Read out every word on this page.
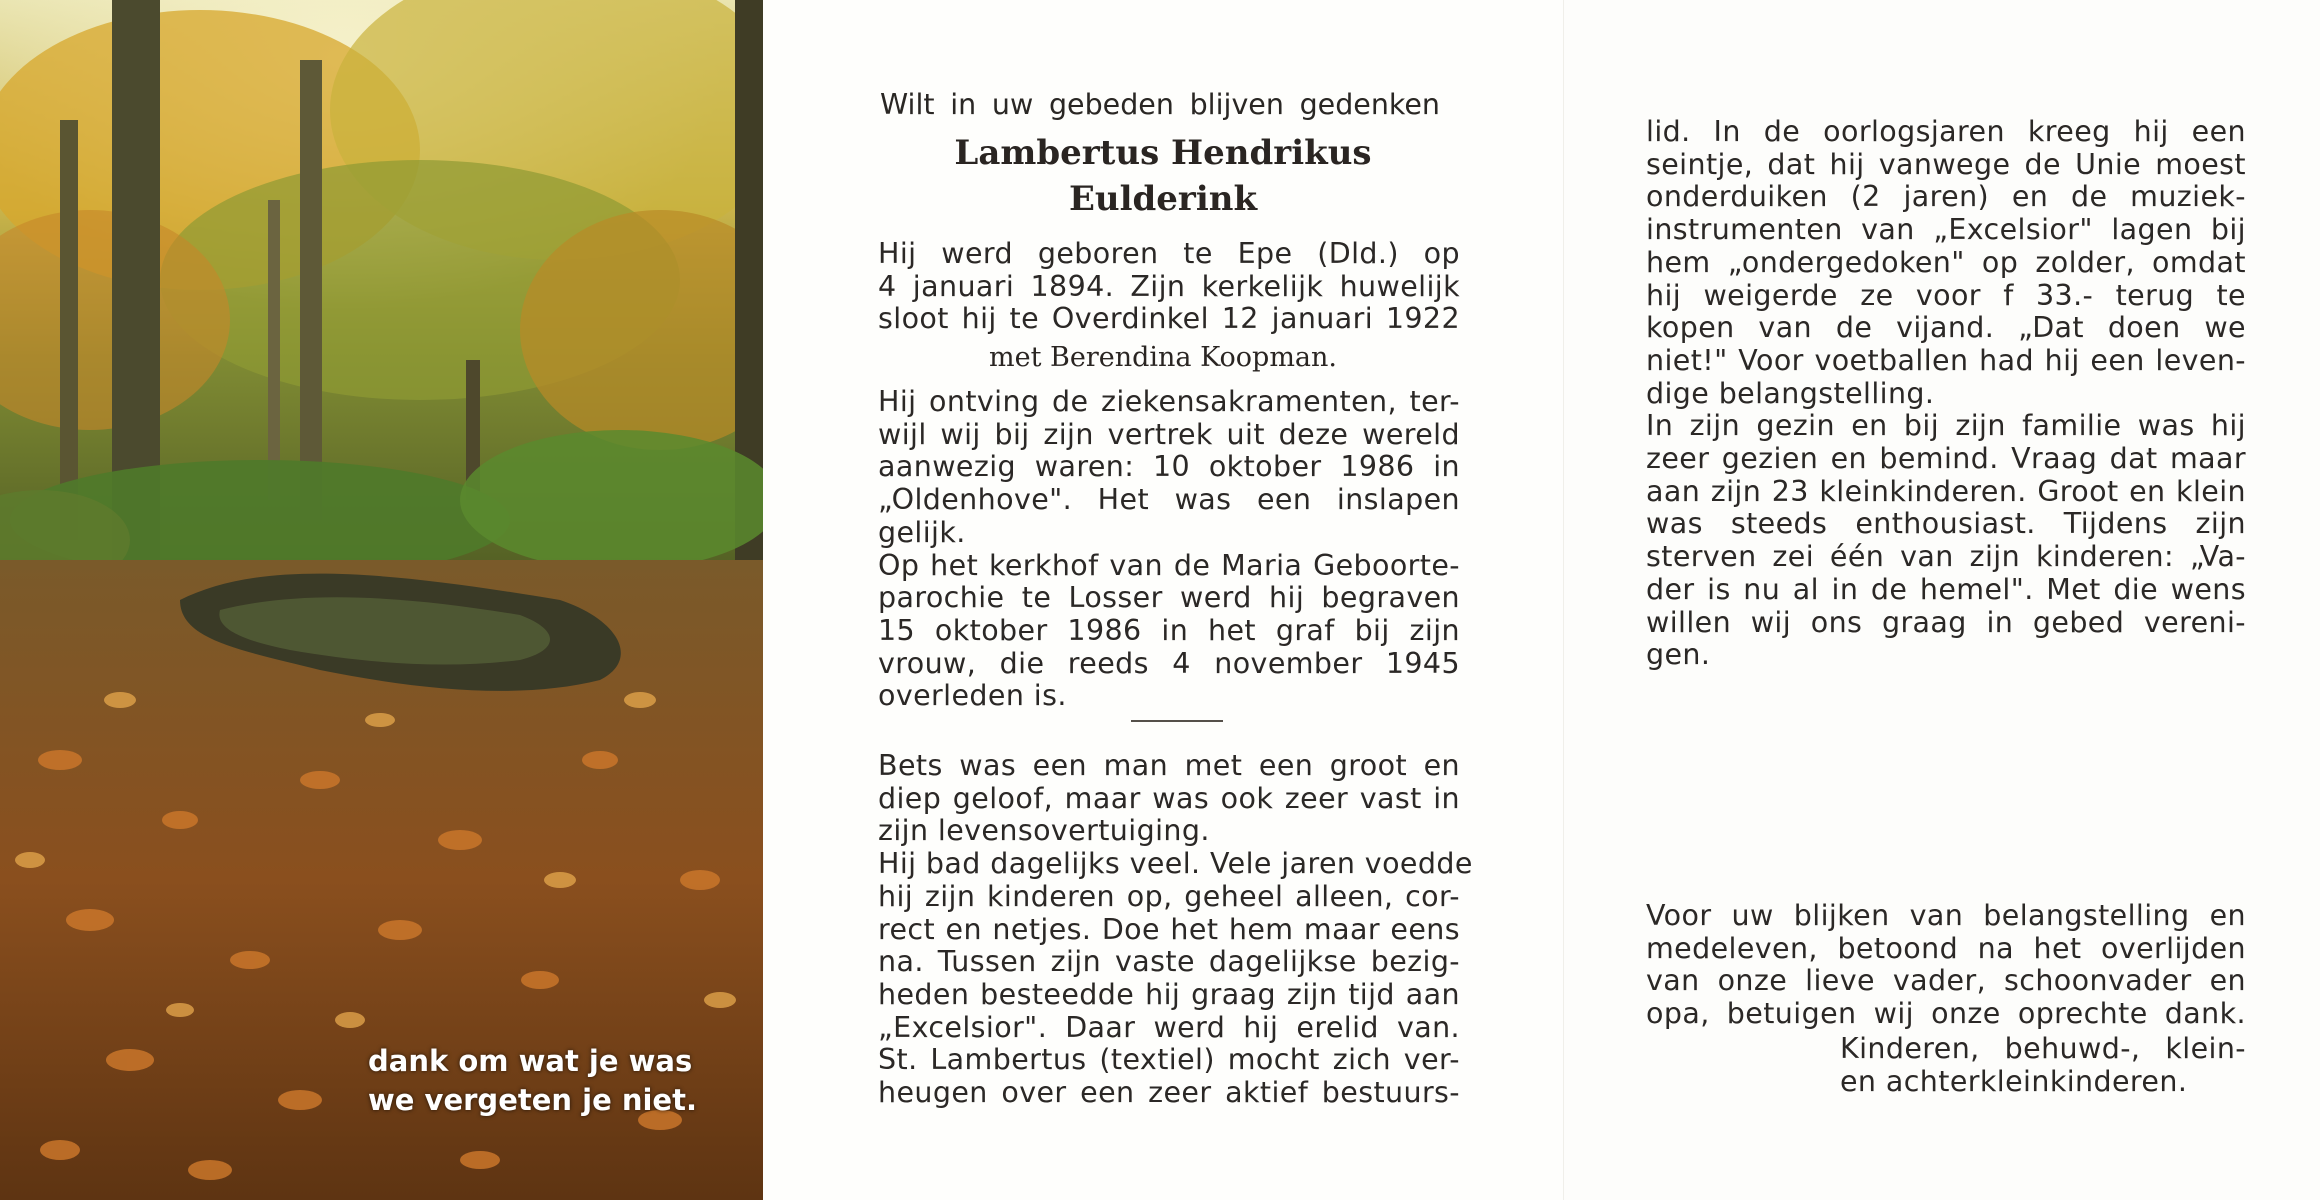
dank om wat je was
we vergeten je niet.
Wilt in uw gebeden blijven gedenken
Lambertus Hendrikus
Eulderink
Hij werd geboren te Epe (Dld.) op
4 januari 1894. Zijn kerkelijk huwelijk
sloot hij te Overdinkel 12 januari 1922
met Berendina Koopman.
Hij ontving de ziekensakramenten, ter-
wijl wij bij zijn vertrek uit deze wereld
aanwezig waren: 10 oktober 1986 in
„Oldenhove". Het was een inslapen
gelijk.
Op het kerkhof van de Maria Geboorte-
parochie te Losser werd hij begraven
15 oktober 1986 in het graf bij zijn
vrouw, die reeds 4 november 1945
overleden is.
Bets was een man met een groot en
diep geloof, maar was ook zeer vast in
zijn levensovertuiging.
Hij bad dagelijks veel. Vele jaren voedde
hij zijn kinderen op, geheel alleen, cor-
rect en netjes. Doe het hem maar eens
na. Tussen zijn vaste dagelijkse bezig-
heden besteedde hij graag zijn tijd aan
„Excelsior". Daar werd hij erelid van.
St. Lambertus (textiel) mocht zich ver-
heugen over een zeer aktief bestuurs-
lid. In de oorlogsjaren kreeg hij een
seintje, dat hij vanwege de Unie moest
onderduiken (2 jaren) en de muziek-
instrumenten van „Excelsior" lagen bij
hem „ondergedoken" op zolder, omdat
hij weigerde ze voor f 33.- terug te
kopen van de vijand. „Dat doen we
niet!" Voor voetballen had hij een leven-
dige belangstelling.
In zijn gezin en bij zijn familie was hij
zeer gezien en bemind. Vraag dat maar
aan zijn 23 kleinkinderen. Groot en klein
was steeds enthousiast. Tijdens zijn
sterven zei één van zijn kinderen: „Va-
der is nu al in de hemel". Met die wens
willen wij ons graag in gebed vereni-
gen.
Voor uw blijken van belangstelling en
medeleven, betoond na het overlijden
van onze lieve vader, schoonvader en
opa, betuigen wij onze oprechte dank.
Kinderen, behuwd-, klein-
en achterkleinkinderen.
